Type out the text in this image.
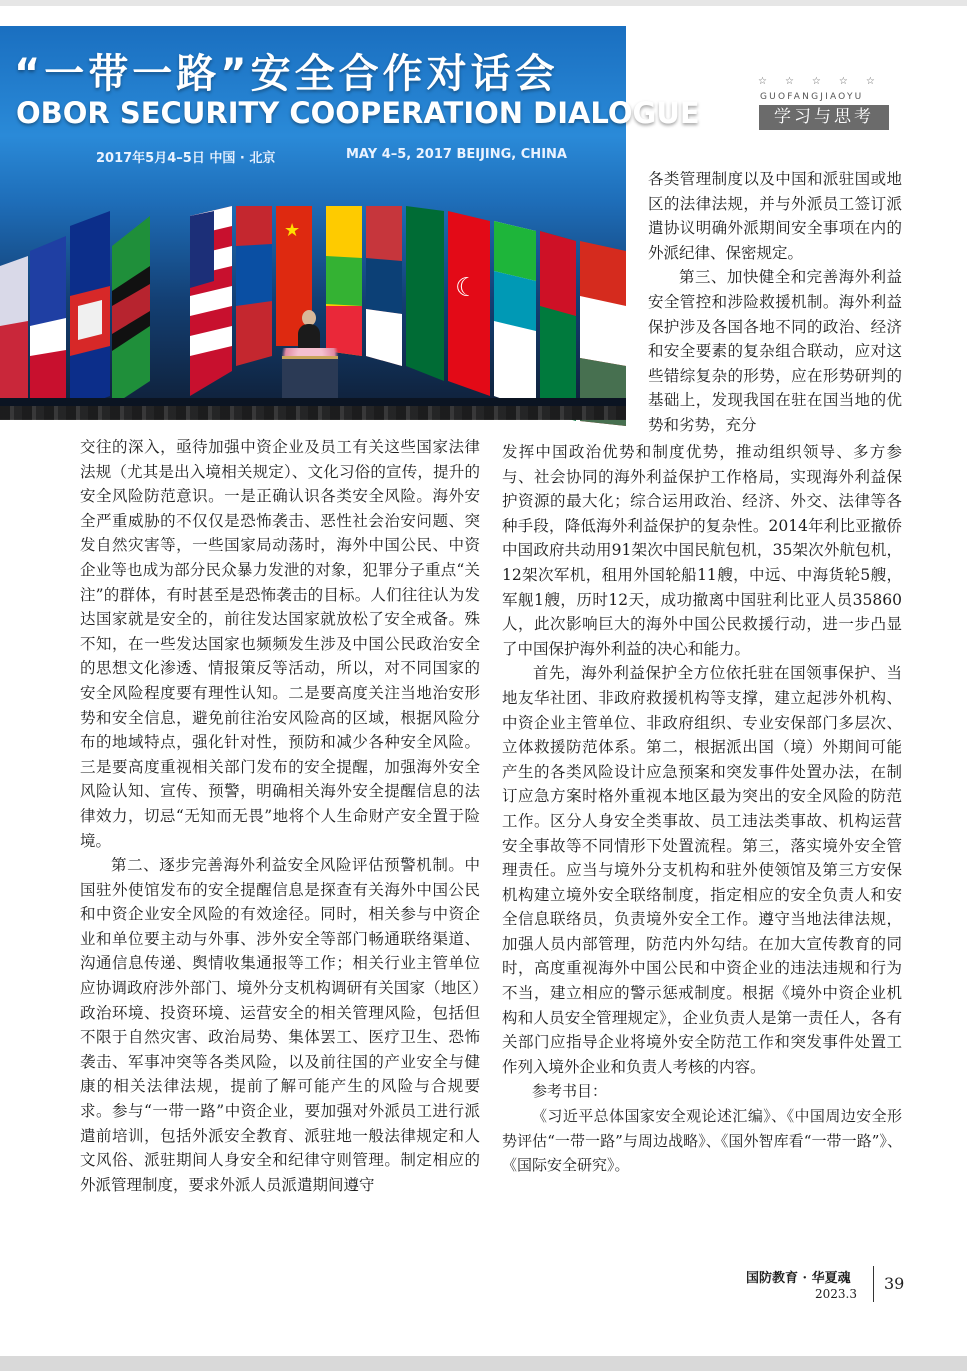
“一带一路”安全合作对话会
OBOR SECURITY COOPERATION DIALOGUE
2017年5月4–5日 中国 · 北京	MAY 4–5, 2017 BEIJING, CHINA
★
☾
☆☆☆☆☆
GUOFANGJIAOYU
学习与思考

各类管理制度以及中国和派驻国或地区的法律法规，并与外派员工签订派遣协议明确外派期间安全事项在内的外派纪律、保密规定。

第三、加快健全和完善海外利益安全管控和涉险救援机制。海外利益保护涉及各国各地不同的政治、经济和安全要素的复杂组合联动，应对这些错综复杂的形势，应在形势研判的基础上，发现我国在驻在国当地的优势和劣势，充分

交往的深入，亟待加强中资企业及员工有关这些国家法律法规（尤其是出入境相关规定）、文化习俗的宣传，提升的安全风险防范意识。一是正确认识各类安全风险。海外安全严重威胁的不仅仅是恐怖袭击、恶性社会治安问题、突发自然灾害等，一些国家局动荡时，海外中国公民、中资企业等也成为部分民众暴力发泄的对象，犯罪分子重点“关注”的群体，有时甚至是恐怖袭击的目标。人们往往认为发达国家就是安全的，前往发达国家就放松了安全戒备。殊不知，在一些发达国家也频频发生涉及中国公民政治安全的思想文化渗透、情报策反等活动，所以，对不同国家的安全风险程度要有理性认知。二是要高度关注当地治安形势和安全信息，避免前往治安风险高的区域，根据风险分布的地域特点，强化针对性，预防和减少各种安全风险。三是要高度重视相关部门发布的安全提醒，加强海外安全风险认知、宣传、预警，明确相关海外安全提醒信息的法律效力，切忌“无知而无畏”地将个人生命财产安全置于险境。

第二、逐步完善海外利益安全风险评估预警机制。中国驻外使馆发布的安全提醒信息是探查有关海外中国公民和中资企业安全风险的有效途径。同时，相关参与中资企业和单位要主动与外事、涉外安全等部门畅通联络渠道、沟通信息传递、舆情收集通报等工作；相关行业主管单位应协调政府涉外部门、境外分支机构调研有关国家（地区）政治环境、投资环境、运营安全的相关管理风险，包括但不限于自然灾害、政治局势、集体罢工、医疗卫生、恐怖袭击、军事冲突等各类风险，以及前往国的产业安全与健康的相关法律法规，提前了解可能产生的风险与合规要求。参与“一带一路”中资企业，要加强对外派员工进行派遣前培训，包括外派安全教育、派驻地一般法律规定和人文风俗、派驻期间人身安全和纪律守则管理。制定相应的外派管理制度，要求外派人员派遣期间遵守

发挥中国政治优势和制度优势，推动组织领导、多方参与、社会协同的海外利益保护工作格局，实现海外利益保护资源的最大化；综合运用政治、经济、外交、法律等各种手段，降低海外利益保护的复杂性。2014年利比亚撤侨中国政府共动用91架次中国民航包机，35架次外航包机，12架次军机，租用外国轮船11艘，中远、中海货轮5艘，军舰1艘，历时12天，成功撤离中国驻利比亚人员35860人，此次影响巨大的海外中国公民救援行动，进一步凸显了中国保护海外利益的决心和能力。

首先，海外利益保护全方位依托驻在国领事保护、当地友华社团、非政府救援机构等支撑，建立起涉外机构、中资企业主管单位、非政府组织、专业安保部门多层次、立体救援防范体系。第二，根据派出国（境）外期间可能产生的各类风险设计应急预案和突发事件处置办法，在制订应急方案时格外重视本地区最为突出的安全风险的防范工作。区分人身安全类事故、员工违法类事故、机构运营安全事故等不同情形下处置流程。第三，落实境外安全管理责任。应当与境外分支机构和驻外使领馆及第三方安保机构建立境外安全联络制度，指定相应的安全负责人和安全信息联络员，负责境外安全工作。遵守当地法律法规，加强人员内部管理，防范内外勾结。在加大宣传教育的同时，高度重视海外中国公民和中资企业的违法违规和行为不当，建立相应的警示惩戒制度。根据《境外中资企业机构和人员安全管理规定》，企业负责人是第一责任人，各有关部门应指导企业将境外安全防范工作和突发事件处置工作列入境外企业和负责人考核的内容。

参考书目：

《习近平总体国家安全观论述汇编》、《中国周边安全形势评估“一带一路”与周边战略》、《国外智库看“一带一路”》、《国际安全研究》。

国防教育 · 华夏魂
2023.3
39
